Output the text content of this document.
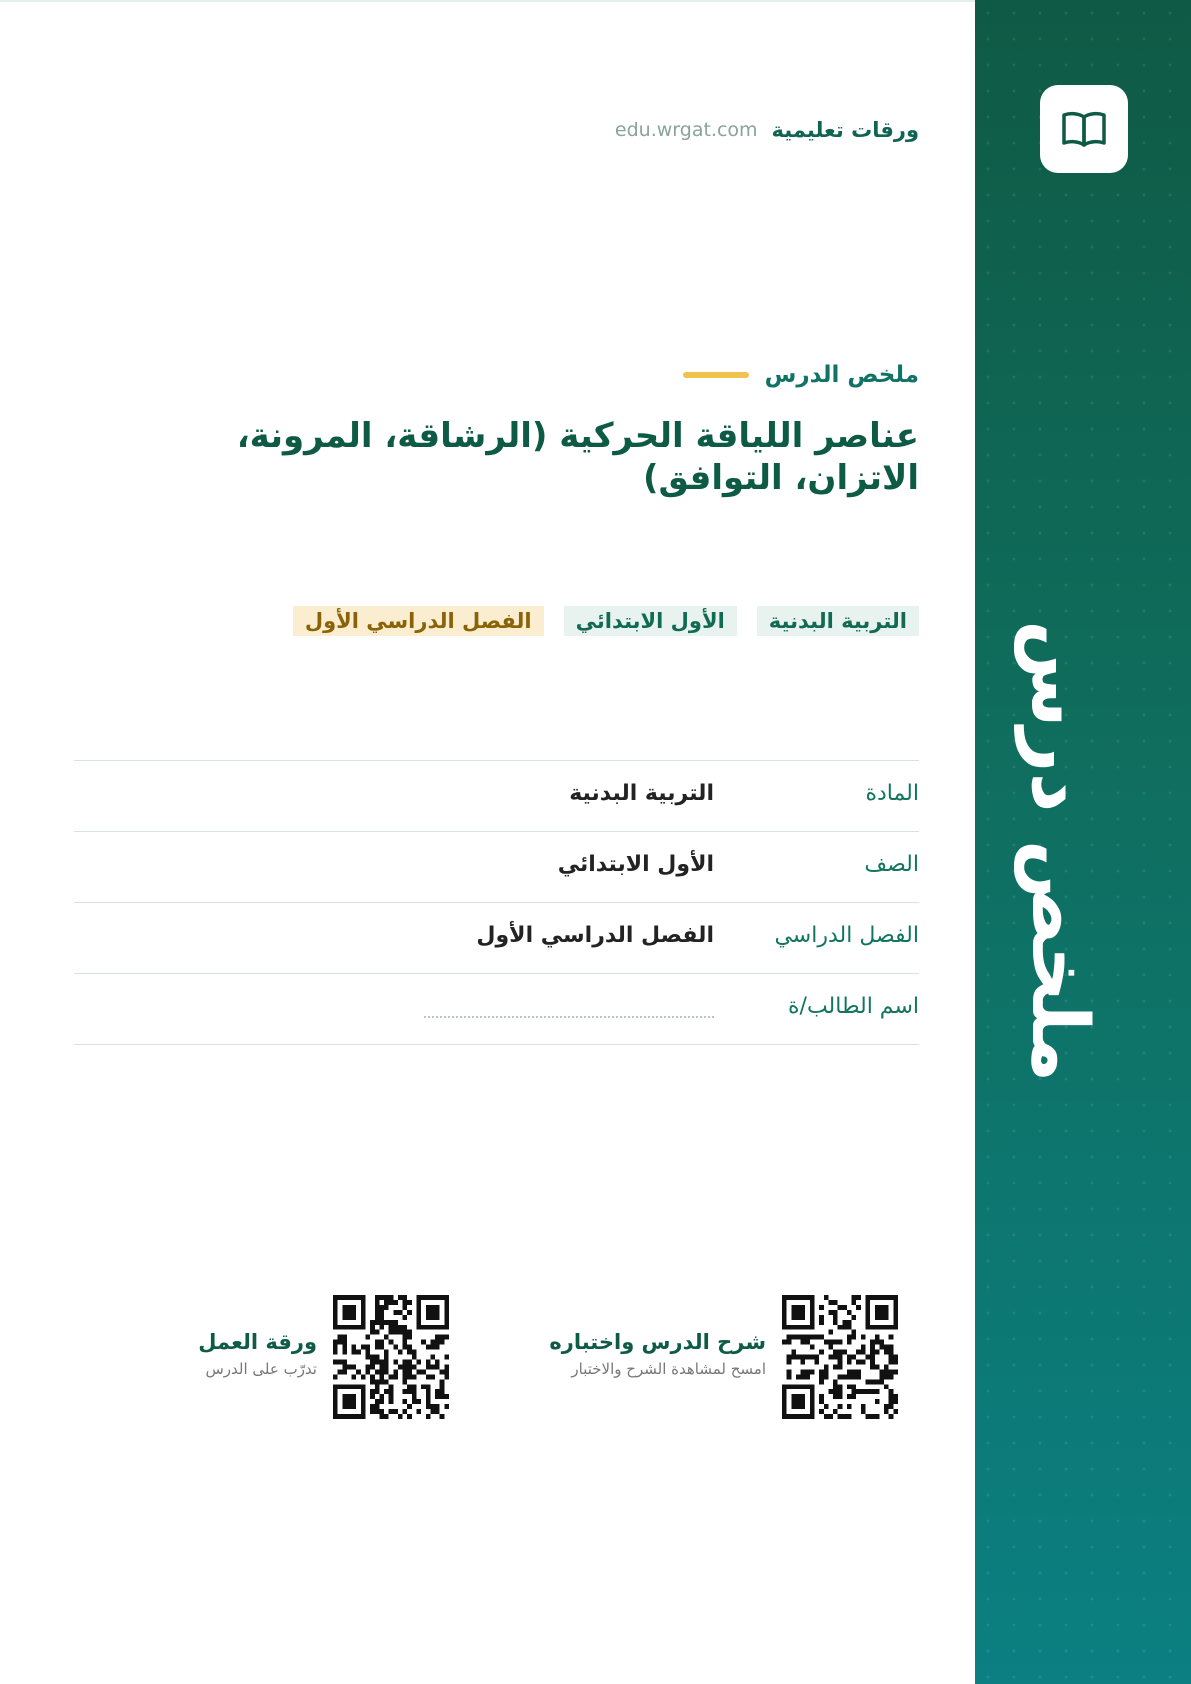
ورقات تعليمية
edu.wrgat.com
ملخص الدرس
عناصر اللياقة الحركية (الرشاقة، المرونة، الاتزان، التوافق)
التربية البدنية
الأول الابتدائي
الفصل الدراسي الأول
المادة
التربية البدنية
الصف
الأول الابتدائي
الفصل الدراسي
الفصل الدراسي الأول
اسم الطالب/ة
شرح الدرس واختباره
امسح لمشاهدة الشرح والاختبار
ورقة العمل
تدرّب على الدرس
ملخص درس
